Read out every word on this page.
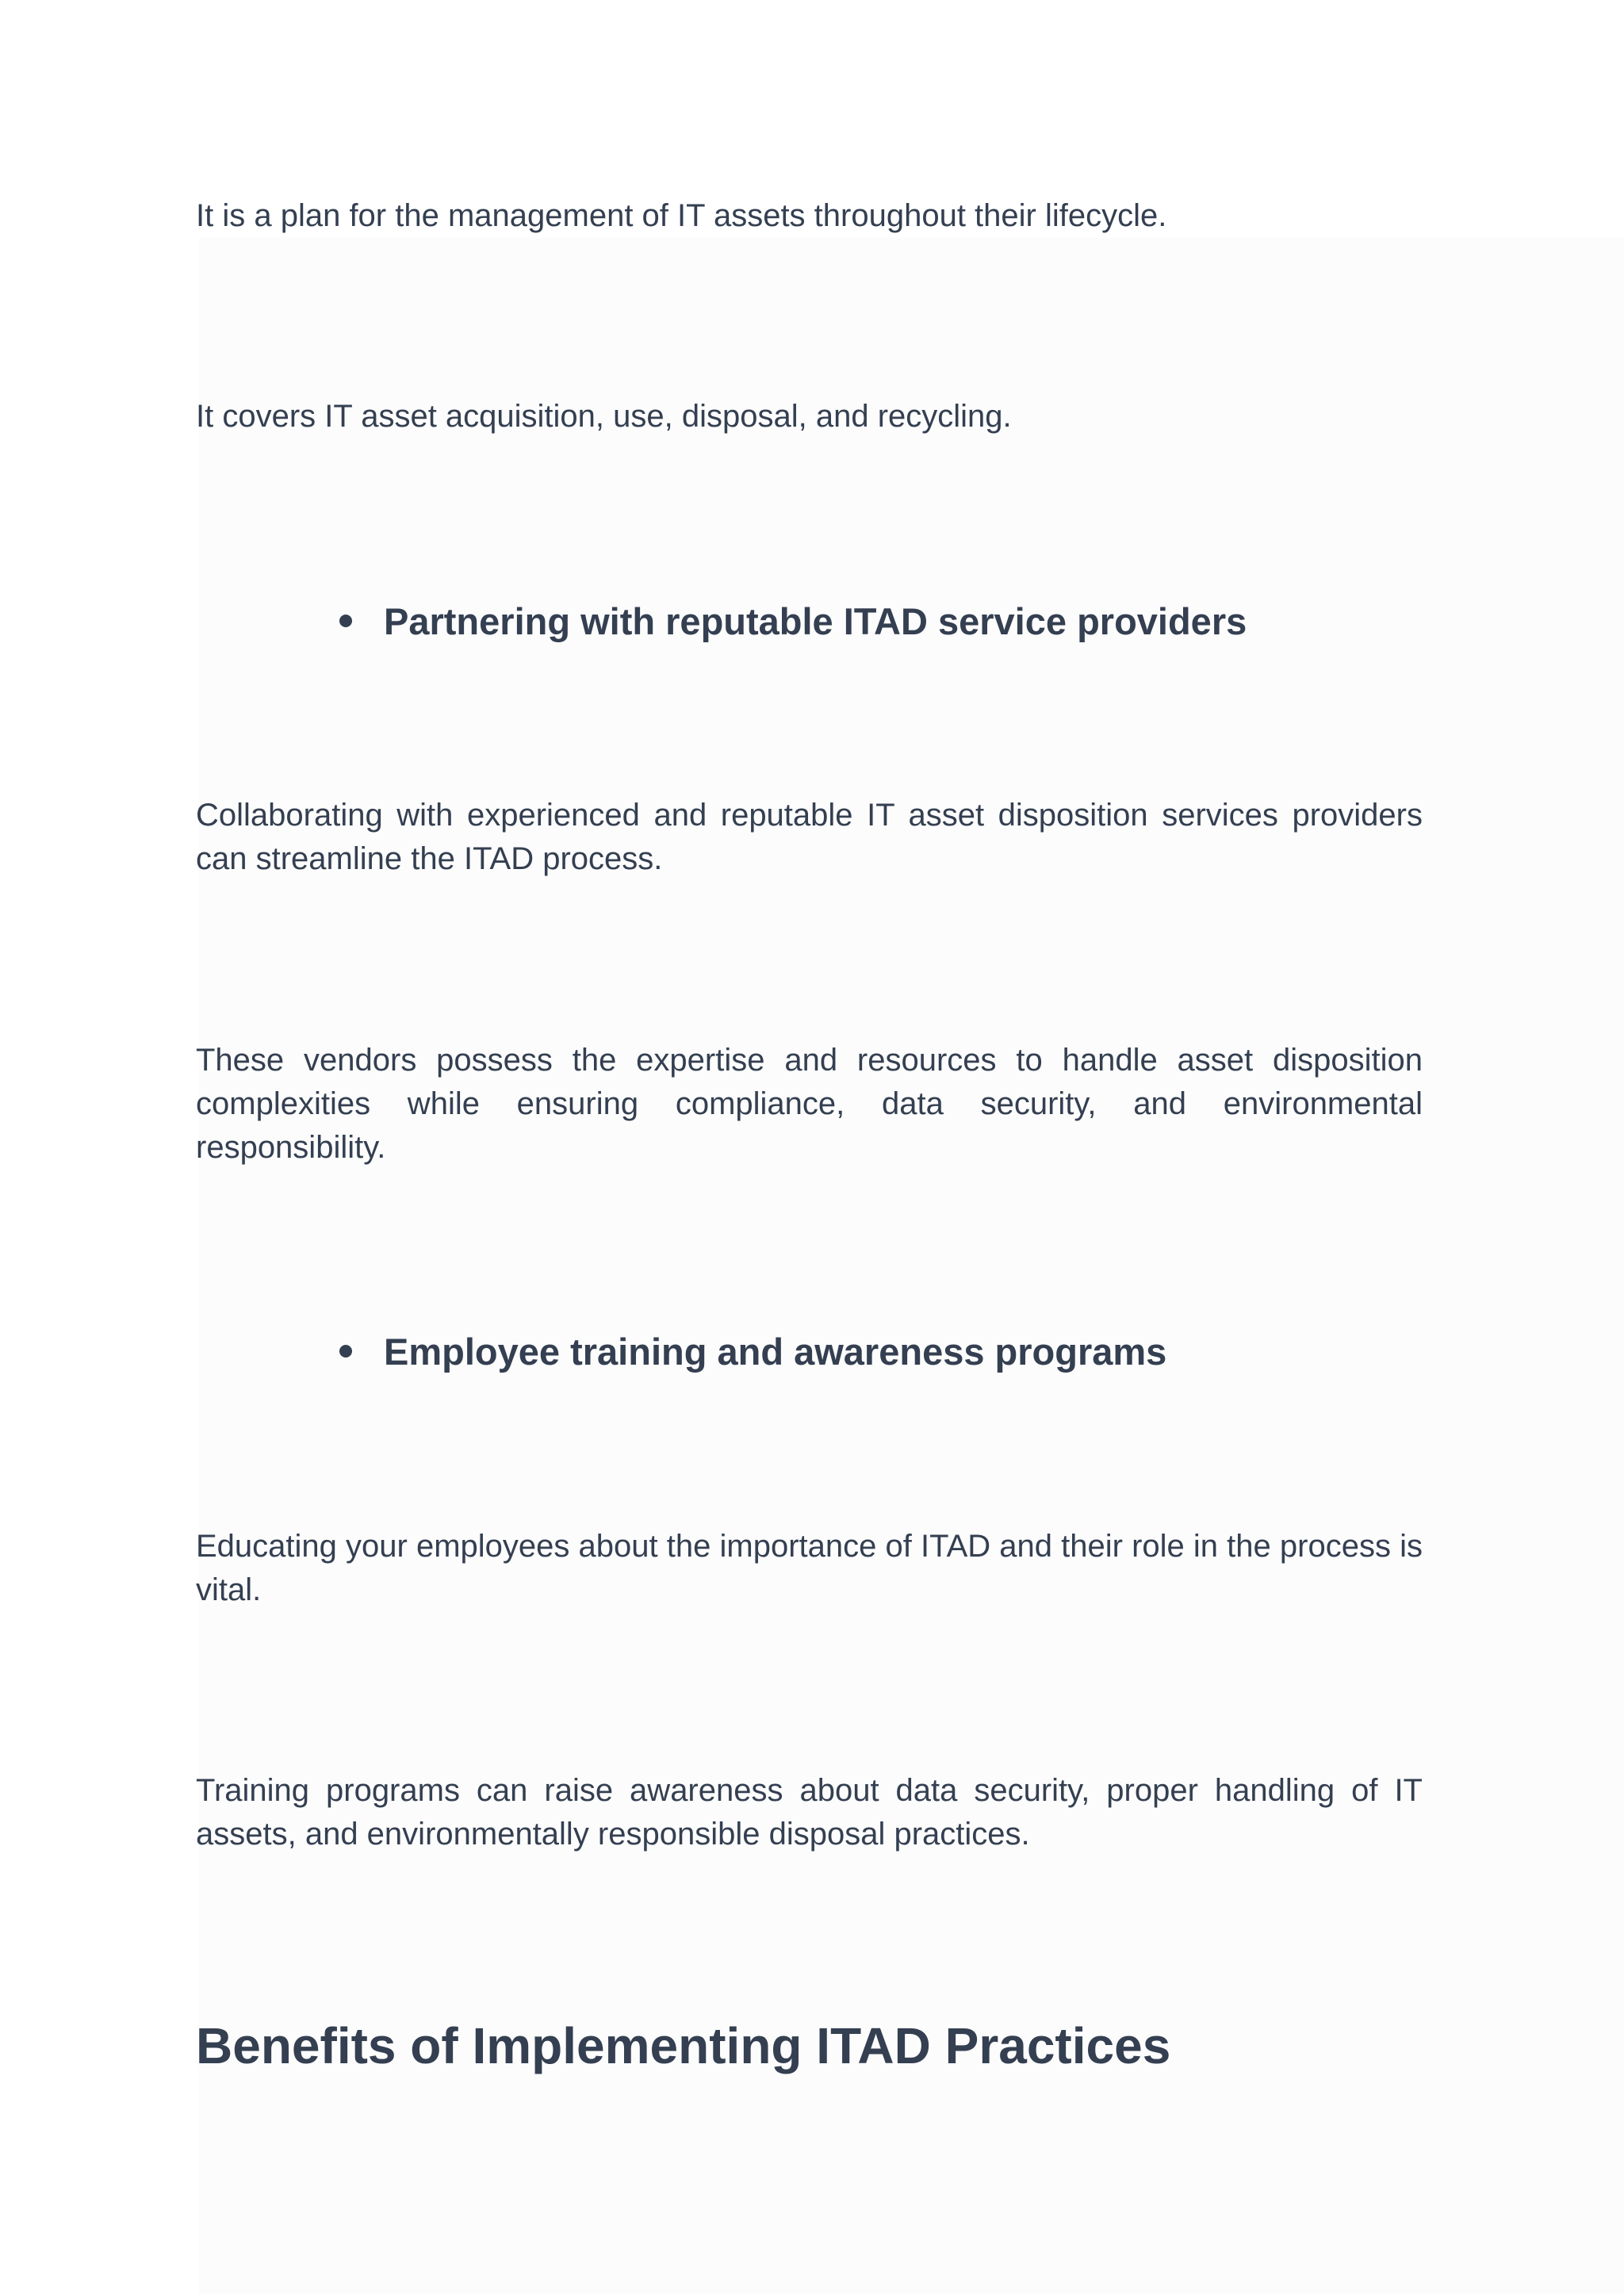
It is a plan for the management of IT assets throughout their lifecycle.

It covers IT asset acquisition, use, disposal, and recycling.

Partnering with reputable ITAD service providers

Collaborating with experienced and reputable IT asset disposition services providers can streamline the ITAD process.

These vendors possess the expertise and resources to handle asset disposition complexities while ensuring compliance, data security, and environmental responsibility.

Employee training and awareness programs

Educating your employees about the importance of ITAD and their role in the process is vital.

Training programs can raise awareness about data security, proper handling of IT assets, and environmentally responsible disposal practices.

Benefits of Implementing ITAD Practices
